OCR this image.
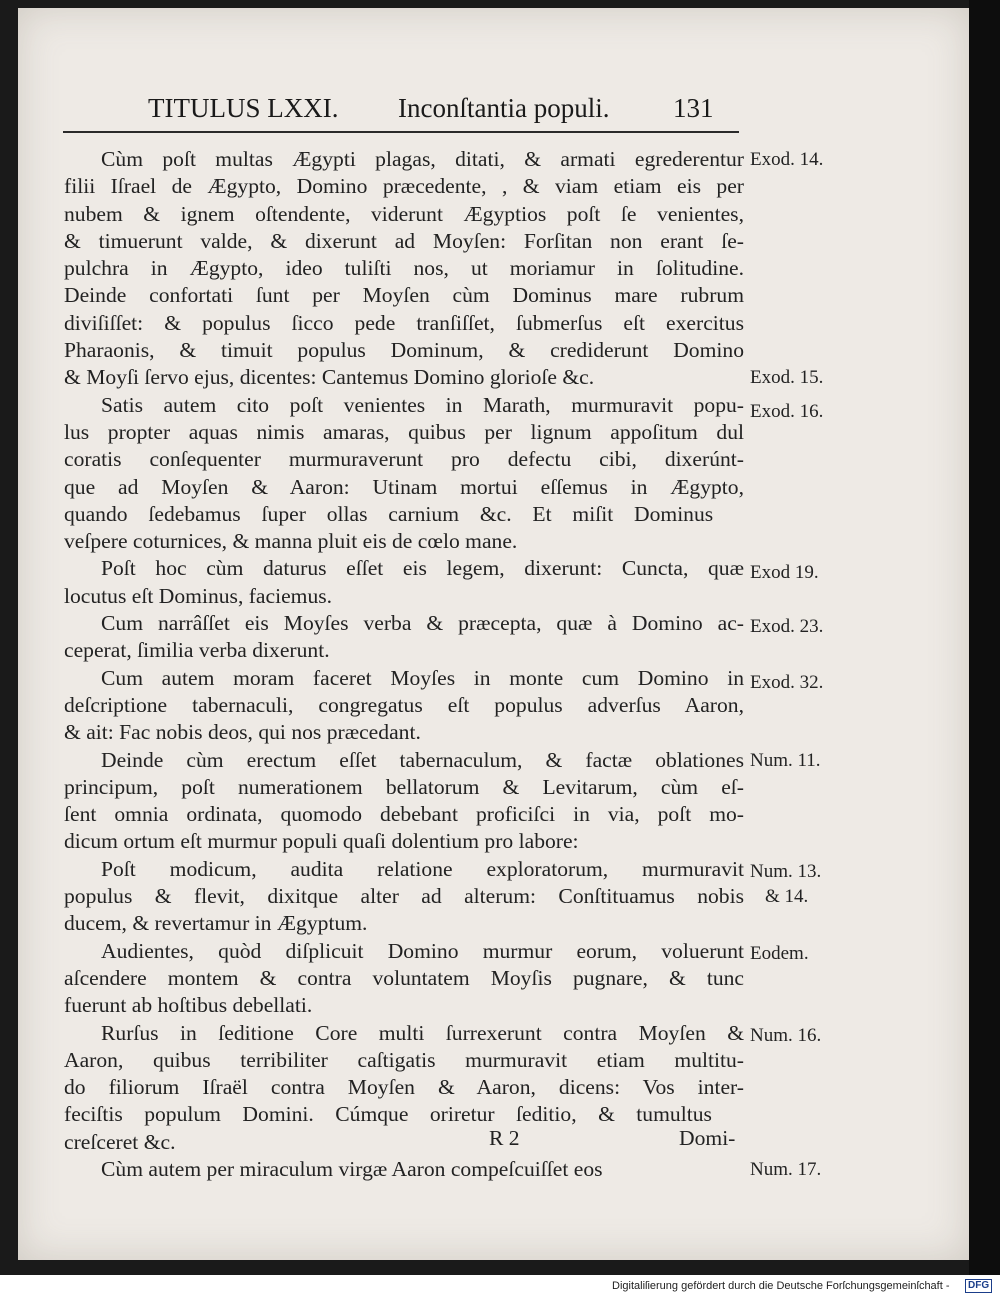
TITULUS LXXI. Inconſtantia populi. 131
Cùm poſt multas Ægypti plagas, ditati, & armati egrederentur
filii Iſrael de Ægypto, Domino præcedente, , & viam etiam eis per
nubem & ignem oſtendente, viderunt Ægyptios poſt ſe venientes,
& timuerunt valde, & dixerunt ad Moyſen: Forſitan non erant ſe-
pulchra in Ægypto, ideo tuliſti nos, ut moriamur in ſolitudine.
Deinde confortati ſunt per Moyſen cùm Dominus mare rubrum
diviſiſſet: & populus ſicco pede tranſiſſet, ſubmerſus eſt exercitus
Pharaonis, & timuit populus Dominum, & crediderunt Domino
& Moyſi ſervo ejus, dicentes: Cantemus Domino glorioſe &c.
Satis autem cito poſt venientes in Marath, murmuravit popu-
lus propter aquas nimis amaras, quibus per lignum appoſitum dul
coratis conſequenter murmuraverunt pro defectu cibi, dixerúnt-
que ad Moyſen & Aaron: Utinam mortui eſſemus in Ægypto,
quando ſedebamus ſuper ollas carnium &c. Et miſit Dominus
veſpere coturnices, & manna pluit eis de cœlo mane.
Poſt hoc cùm daturus eſſet eis legem, dixerunt: Cuncta, quæ
locutus eſt Dominus, faciemus.
Cum narrâſſet eis Moyſes verba & præcepta, quæ à Domino ac-
ceperat, ſimilia verba dixerunt.
Cum autem moram faceret Moyſes in monte cum Domino in
deſcriptione tabernaculi, congregatus eſt populus adverſus Aaron,
& ait: Fac nobis deos, qui nos præcedant.
Deinde cùm erectum eſſet tabernaculum, & factæ oblationes
principum, poſt numerationem bellatorum & Levitarum, cùm eſ-
ſent omnia ordinata, quomodo debebant proficiſci in via, poſt mo-
dicum ortum eſt murmur populi quaſi dolentium pro labore:
Poſt modicum, audita relatione exploratorum, murmuravit
populus & flevit, dixitque alter ad alterum: Conſtituamus nobis
ducem, & revertamur in Ægyptum.
Audientes, quòd diſplicuit Domino murmur eorum, voluerunt
aſcendere montem & contra voluntatem Moyſis pugnare, & tunc
fuerunt ab hoſtibus debellati.
Rurſus in ſeditione Core multi ſurrexerunt contra Moyſen &
Aaron, quibus terribiliter caſtigatis murmuravit etiam multitu-
do filiorum Iſraël contra Moyſen & Aaron, dicens: Vos inter-
feciſtis populum Domini. Cúmque oriretur ſeditio, & tumultus
creſceret &c.
Cùm autem per miraculum virgæ Aaron compeſcuiſſet eos
Exod. 14.
Exod. 15.
Exod. 16.
Exod 19.
Exod. 23.
Exod. 32.
Num. 11.
Num. 13.
& 14.
Eodem.
Num. 16.
Num. 17.
R 2	Domi-
Digitaliſierung gefördert durch die Deutsche Forſchungsgemeinſchaft -	DFG
